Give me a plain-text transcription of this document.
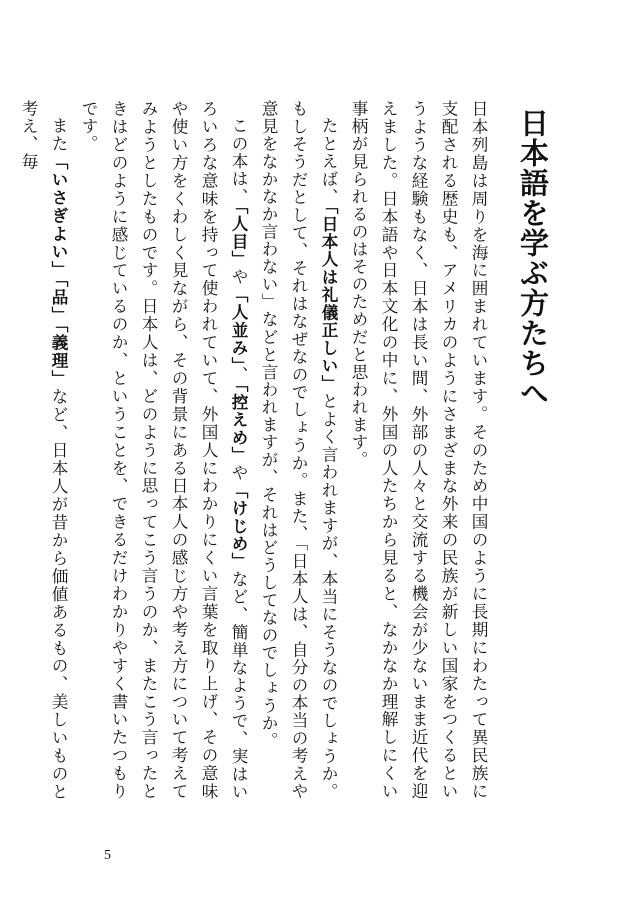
日本語を学ぶ方たちへ

日本列島は周りを海に囲まれています。そのため中国のように長期にわたって異民族に支配される歴史も、アメリカのようにさまざまな外来の民族が新しい国家をつくるというような経験もなく、日本は長い間、外部の人々と交流する機会が少ないまま近代を迎えました。日本語や日本文化の中に、外国の人たちから見ると、なかなか理解しにくい事柄が見られるのはそのためだと思われます。

たとえば、「日本人は礼儀正しい」とよく言われますが、本当にそうなのでしょうか。もしそうだとして、それはなぜなのでしょうか。また、「日本人は、自分の本当の考えや意見をなかなか言わない」などと言われますが、それはどうしてなのでしょうか。

この本は、「人目」や「人並み」、「控えめ」や「けじめ」など、簡単なようで、実はいろいろな意味を持って使われていて、外国人にわかりにくい言葉を取り上げ、その意味や使い方をくわしく見ながら、その背景にある日本人の感じ方や考え方について考えてみようとしたものです。日本人は、どのように思ってこう言うのか、またこう言ったときはどのように感じているのか、ということを、できるだけわかりやすく書いたつもりです。

また「いさぎよい」「品」「義理」など、日本人が昔から価値あるもの、美しいものと考え、毎

5
